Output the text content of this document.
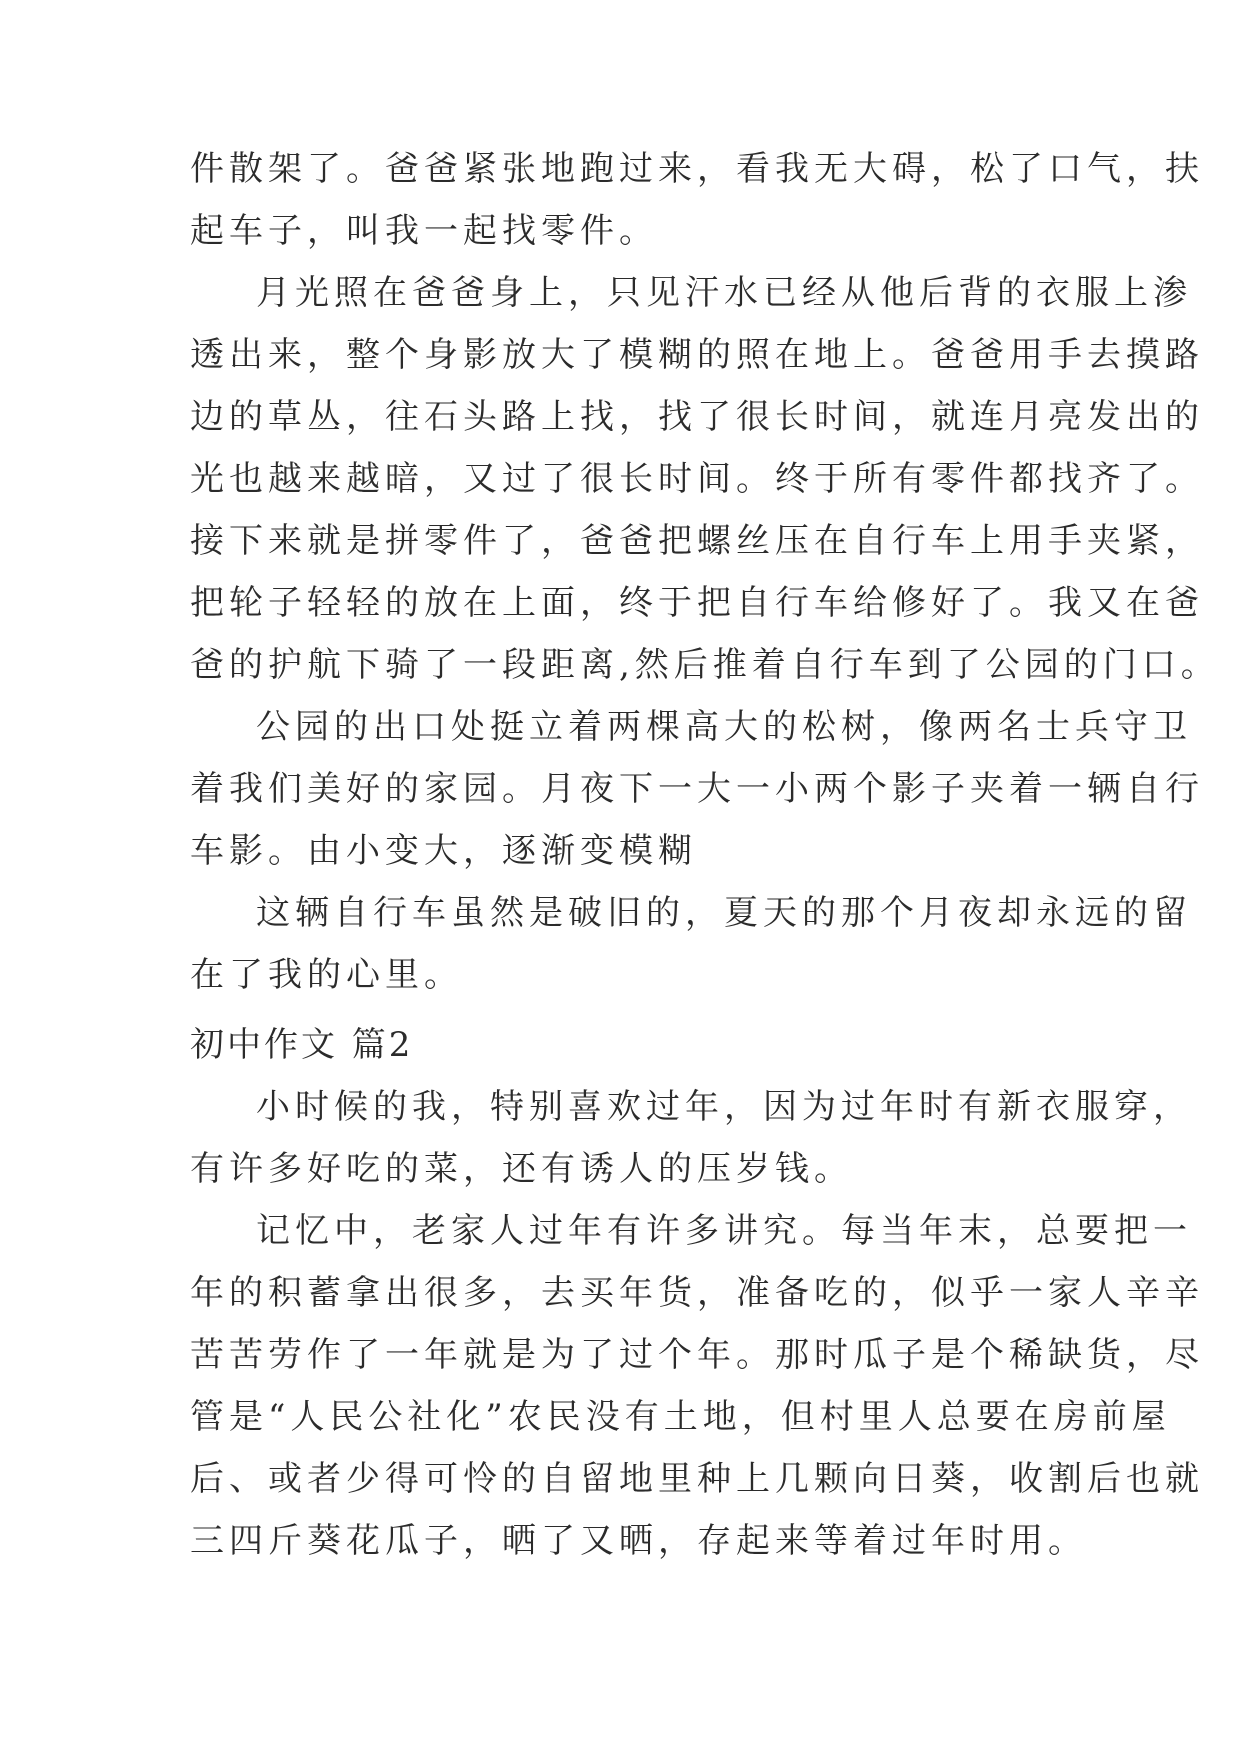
件散架了。爸爸紧张地跑过来，看我无大碍，松了口气，扶
起车子，叫我一起找零件。
月光照在爸爸身上，只见汗水已经从他后背的衣服上渗
透出来，整个身影放大了模糊的照在地上。爸爸用手去摸路
边的草丛，往石头路上找，找了很长时间，就连月亮发出的
光也越来越暗，又过了很长时间。终于所有零件都找齐了。
接下来就是拼零件了，爸爸把螺丝压在自行车上用手夹紧，
把轮子轻轻的放在上面，终于把自行车给修好了。我又在爸
爸的护航下骑了一段距离,然后推着自行车到了公园的门口。
公园的出口处挺立着两棵高大的松树，像两名士兵守卫
着我们美好的家园。月夜下一大一小两个影子夹着一辆自行
车影。由小变大，逐渐变模糊
这辆自行车虽然是破旧的，夏天的那个月夜却永远的留
在了我的心里。
初中作文 篇2
小时候的我，特别喜欢过年，因为过年时有新衣服穿，
有许多好吃的菜，还有诱人的压岁钱。
记忆中，老家人过年有许多讲究。每当年末，总要把一
年的积蓄拿出很多，去买年货，准备吃的，似乎一家人辛辛
苦苦劳作了一年就是为了过个年。那时瓜子是个稀缺货，尽
管是“人民公社化”农民没有土地，但村里人总要在房前屋
后、或者少得可怜的自留地里种上几颗向日葵，收割后也就
三四斤葵花瓜子，晒了又晒，存起来等着过年时用。
